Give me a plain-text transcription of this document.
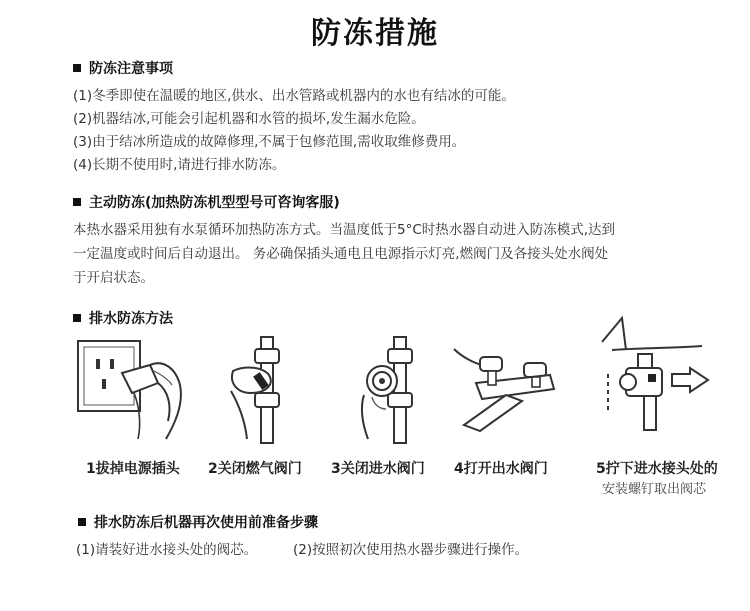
防冻措施
防冻注意事项
(1)冬季即使在温暖的地区,供水、出水管路或机器内的水也有结冰的可能。
(2)机器结冰,可能会引起机器和水管的损坏,发生漏水危险。
(3)由于结冰所造成的故障修理,不属于包修范围,需收取维修费用。
(4)长期不使用时,请进行排水防冻。
主动防冻(加热防冻机型型号可咨询客服)
本热水器采用独有水泵循环加热防冻方式。当温度低于5°C时热水器自动进入防冻模式,达到
一定温度或时间后自动退出。 务必确保插头通电且电源指示灯亮,燃阀门及各接头处水阀处
于开启状态。
排水防冻方法
1拔掉电源插头 2关闭燃气阀门 3关闭进水阀门 4打开出水阀门	5拧下进水接头处的
安装螺钉取出阀芯
排水防冻后机器再次使用前准备步骤
(1)请装好进水接头处的阀芯。	(2)按照初次使用热水器步骤进行操作。
